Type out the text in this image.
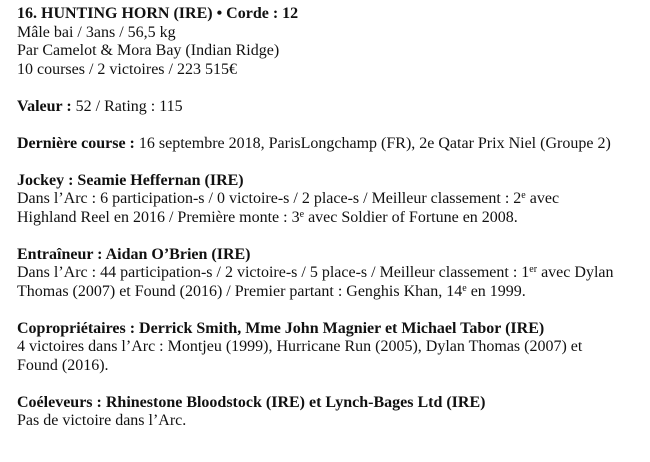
16. HUNTING HORN (IRE) • Corde : 12
Mâle bai / 3ans / 56,5 kg
Par Camelot & Mora Bay (Indian Ridge)
10 courses / 2 victoires / 223 515€
Valeur : 52 / Rating : 115
Dernière course : 16 septembre 2018, ParisLongchamp (FR), 2e Qatar Prix Niel (Groupe 2)
Jockey : Seamie Heffernan (IRE)
Dans l’Arc : 6 participation-s / 0 victoire-s / 2 place-s / Meilleur classement : 2e avec
Highland Reel en 2016 / Première monte : 3e avec Soldier of Fortune en 2008.
Entraîneur : Aidan O’Brien (IRE)
Dans l’Arc : 44 participation-s / 2 victoire-s / 5 place-s / Meilleur classement : 1er avec Dylan
Thomas (2007) et Found (2016) / Premier partant : Genghis Khan, 14e en 1999.
Copropriétaires : Derrick Smith, Mme John Magnier et Michael Tabor (IRE)
4 victoires dans l’Arc : Montjeu (1999), Hurricane Run (2005), Dylan Thomas (2007) et
Found (2016).
Coéleveurs : Rhinestone Bloodstock (IRE) et Lynch-Bages Ltd (IRE)
Pas de victoire dans l’Arc.
